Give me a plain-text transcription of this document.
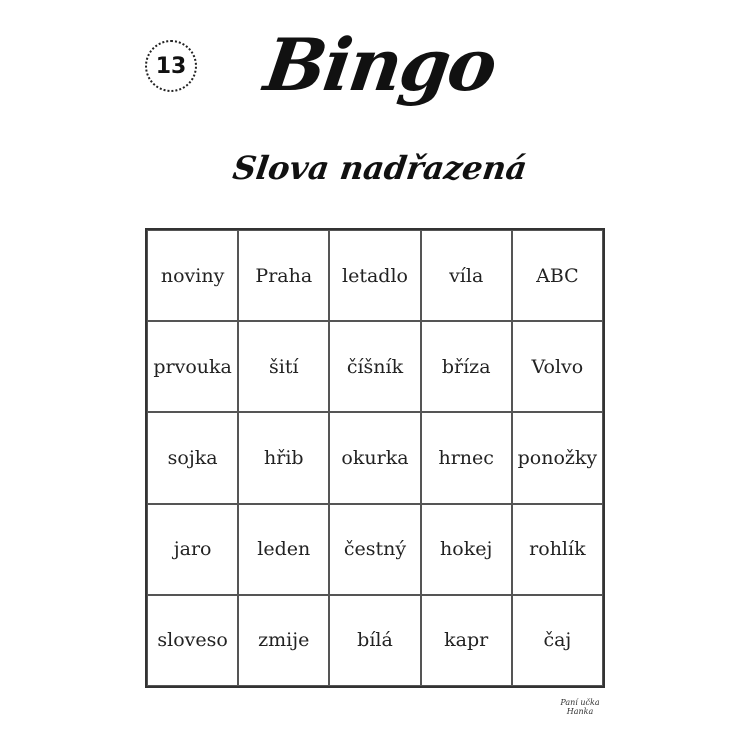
13 Bingo
Slova nadřazená
noviny	Praha	letadlo	víla	ABC
prvouka	šití	číšník	bříza	Volvo
sojka	hřib	okurka	hrnec	ponožky
jaro	leden	čestný	hokej	rohlík
sloveso	zmije	bílá	kapr	čaj
Paní učka
Hanka
